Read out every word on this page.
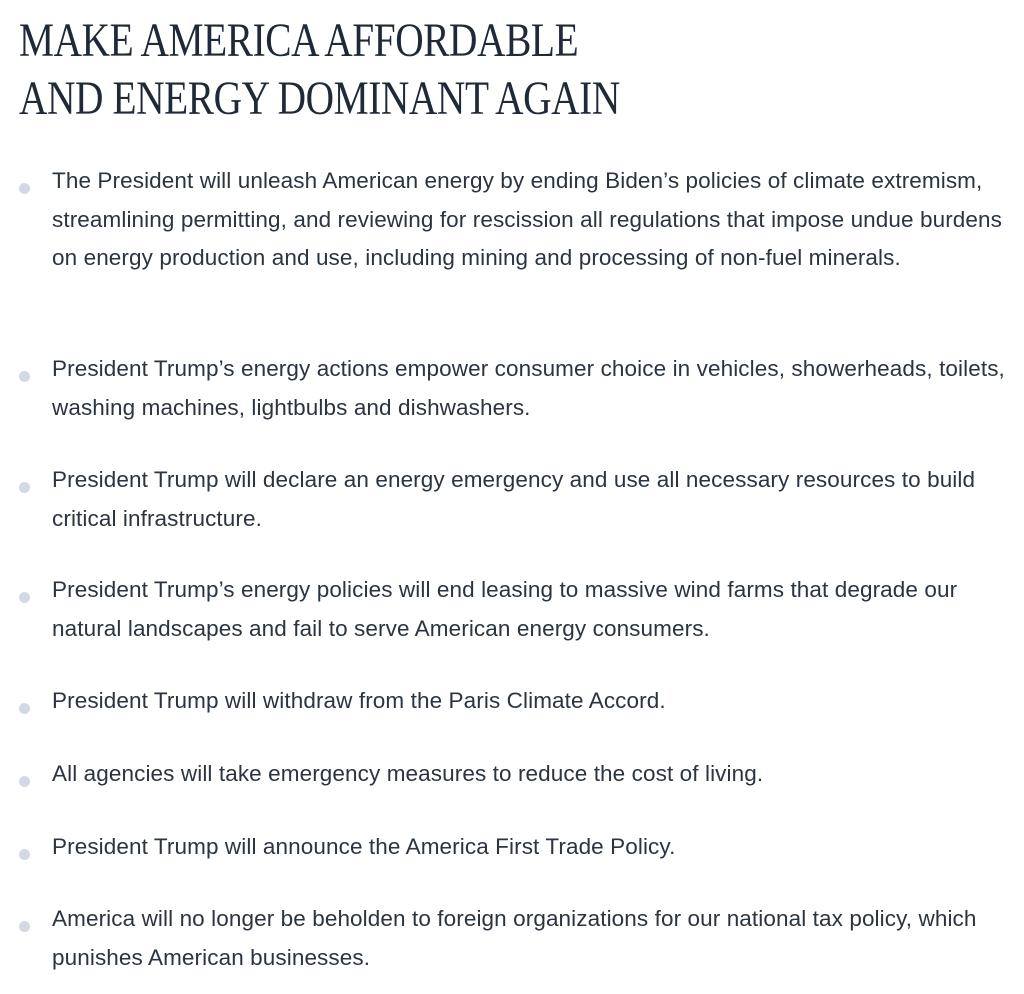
MAKE AMERICA AFFORDABLE
AND ENERGY DOMINANT AGAIN

The President will unleash American energy by ending Biden’s policies of climate extremism, streamlining permitting, and reviewing for rescission all regulations that impose undue burdens on energy production and use, including mining and processing of non-fuel minerals.

President Trump’s energy actions empower consumer choice in vehicles, showerheads, toilets, washing machines, lightbulbs and dishwashers.

President Trump will declare an energy emergency and use all necessary resources to build critical infrastructure.

President Trump’s energy policies will end leasing to massive wind farms that degrade our natural landscapes and fail to serve American energy consumers.

President Trump will withdraw from the Paris Climate Accord.

All agencies will take emergency measures to reduce the cost of living.

President Trump will announce the America First Trade Policy.

America will no longer be beholden to foreign organizations for our national tax policy, which punishes American businesses.
